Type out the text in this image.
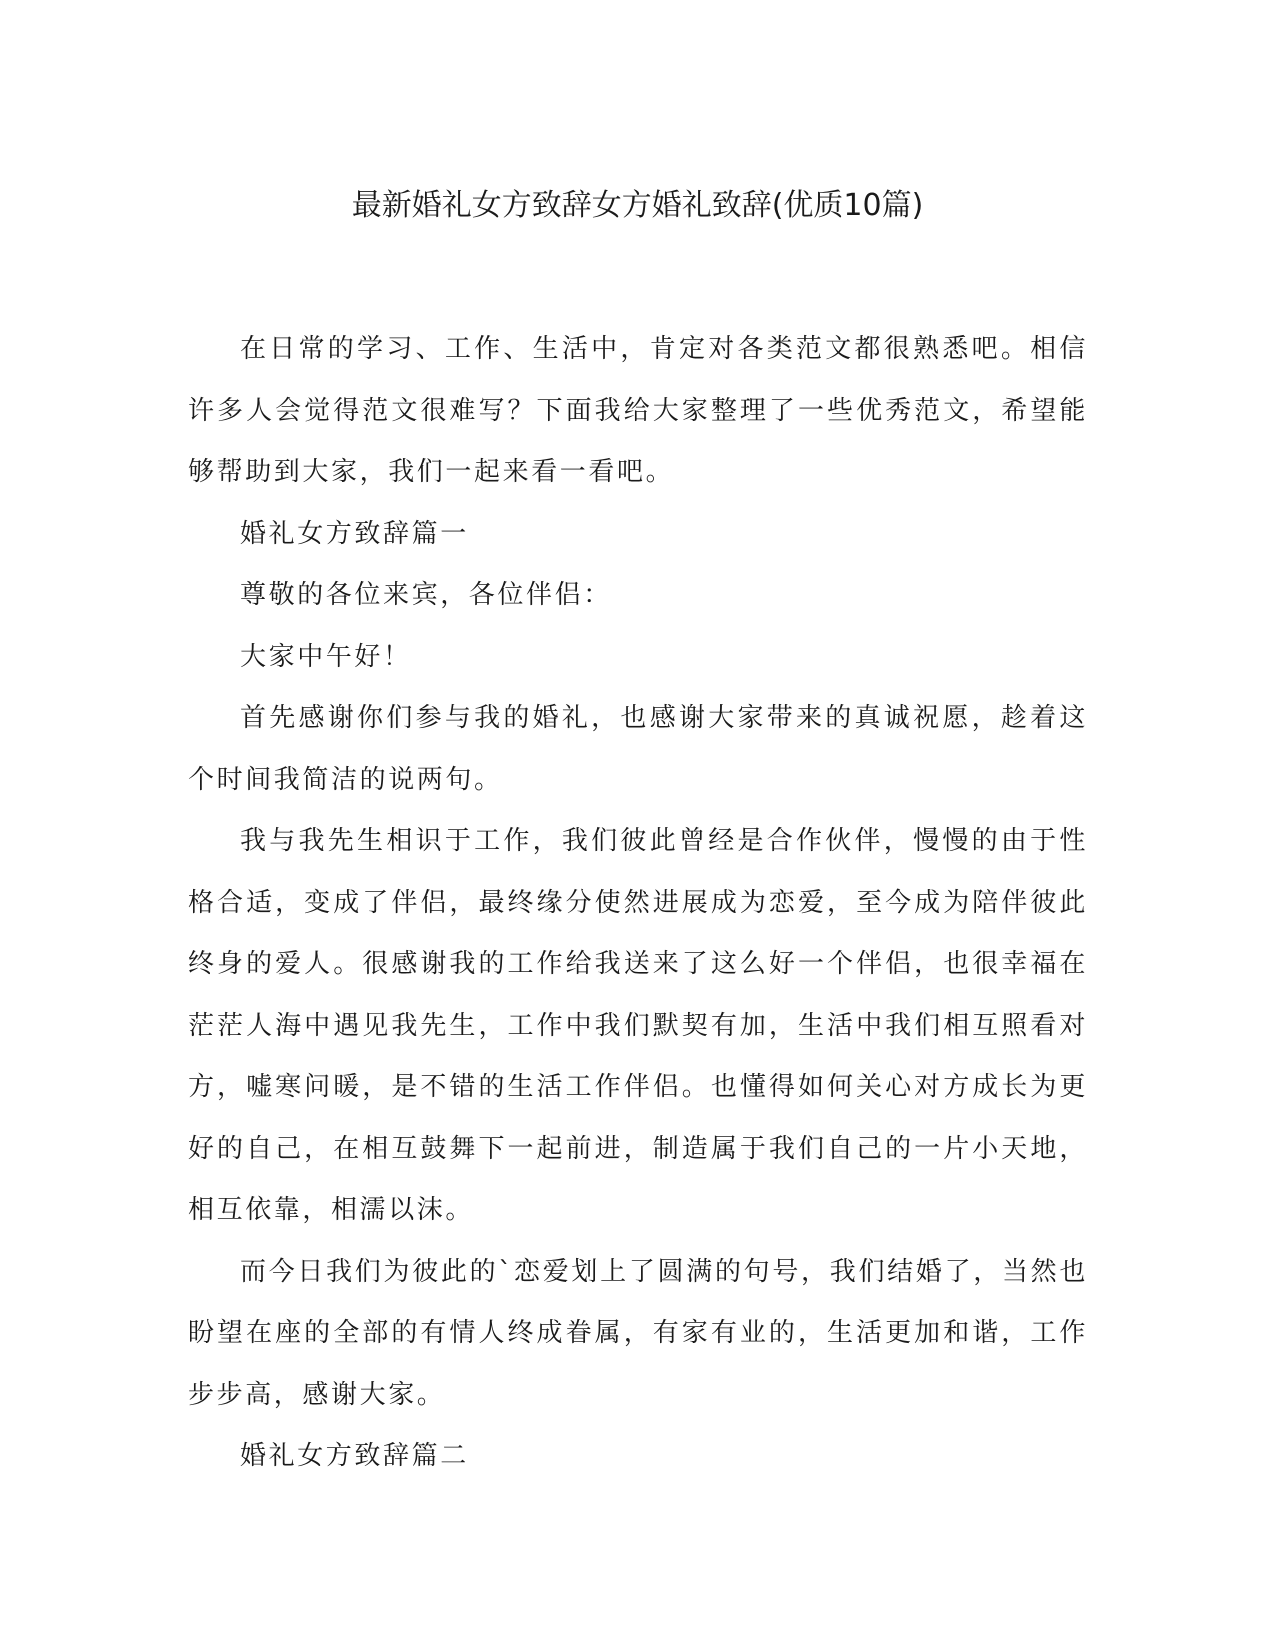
最新婚礼女方致辞女方婚礼致辞(优质10篇)

在日常的学习、工作、生活中，肯定对各类范文都很熟悉吧。相信许多人会觉得范文很难写？下面我给大家整理了一些优秀范文，希望能够帮助到大家，我们一起来看一看吧。

婚礼女方致辞篇一

尊敬的各位来宾，各位伴侣：

大家中午好！

首先感谢你们参与我的婚礼，也感谢大家带来的真诚祝愿，趁着这个时间我简洁的说两句。

我与我先生相识于工作，我们彼此曾经是合作伙伴，慢慢的由于性格合适，变成了伴侣，最终缘分使然进展成为恋爱，至今成为陪伴彼此终身的爱人。很感谢我的工作给我送来了这么好一个伴侣，也很幸福在茫茫人海中遇见我先生，工作中我们默契有加，生活中我们相互照看对方，嘘寒问暖，是不错的生活工作伴侣。也懂得如何关心对方成长为更好的自己，在相互鼓舞下一起前进，制造属于我们自己的一片小天地，相互依靠，相濡以沫。

而今日我们为彼此的`恋爱划上了圆满的句号，我们结婚了，当然也盼望在座的全部的有情人终成眷属，有家有业的，生活更加和谐，工作步步高，感谢大家。

婚礼女方致辞篇二
